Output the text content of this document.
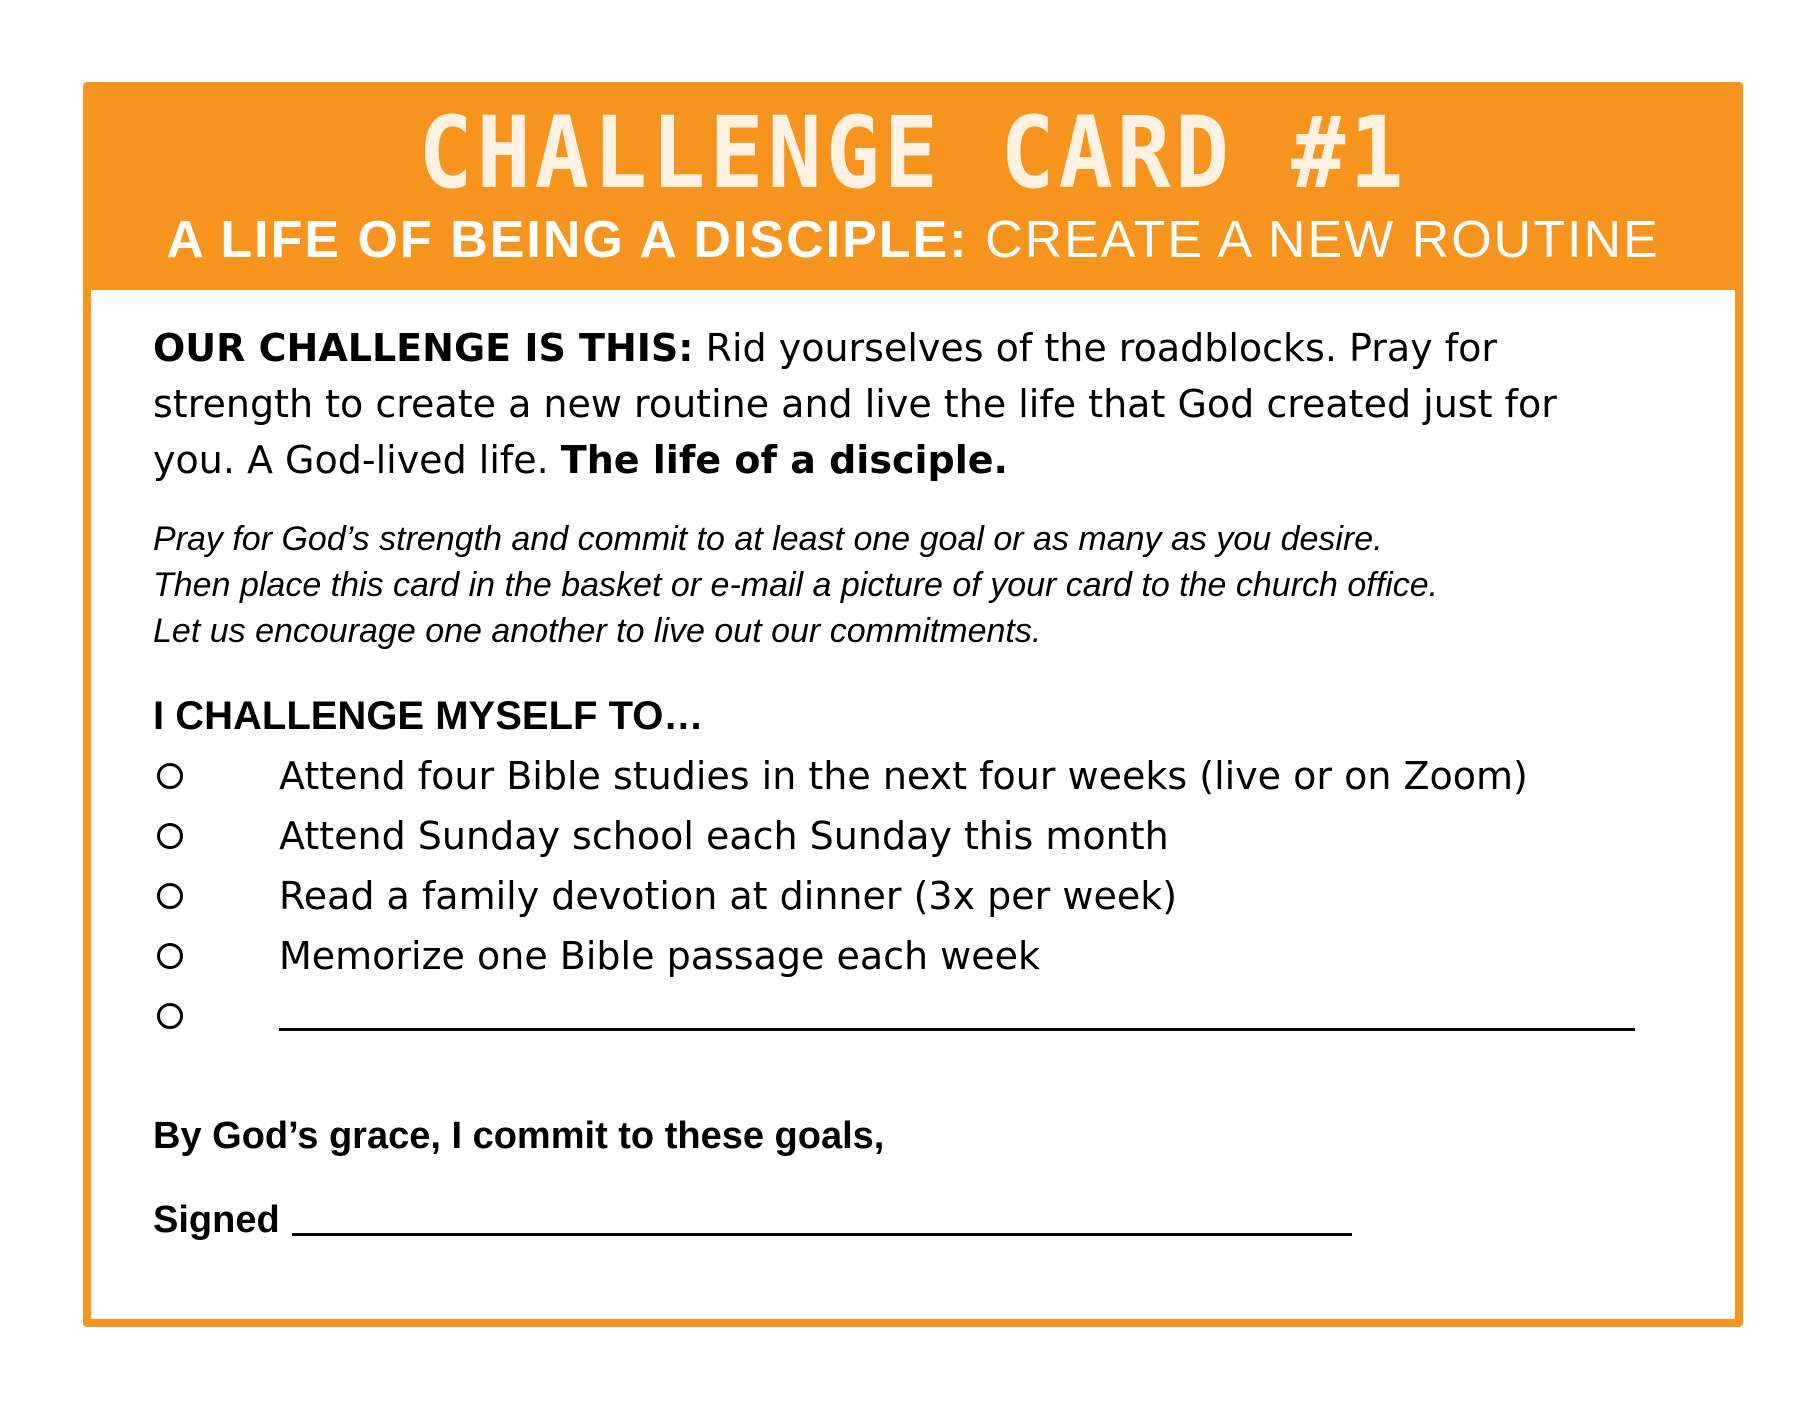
CHALLENGE CARD #1
A LIFE OF BEING A DISCIPLE: CREATE A NEW ROUTINE

OUR CHALLENGE IS THIS: Rid yourselves of the roadblocks. Pray for strength to create a new routine and live the life that God created just for you. A God-lived life. The life of a disciple.

Pray for God’s strength and commit to at least one goal or as many as you desire.
Then place this card in the basket or e-mail a picture of your card to the church office.
Let us encourage one another to live out our commitments.
I CHALLENGE MYSELF TO…
Attend four Bible studies in the next four weeks (live or on Zoom)
Attend Sunday school each Sunday this month
Read a family devotion at dinner (3x per week)
Memorize one Bible passage each week
By God’s grace, I commit to these goals,
Signed
